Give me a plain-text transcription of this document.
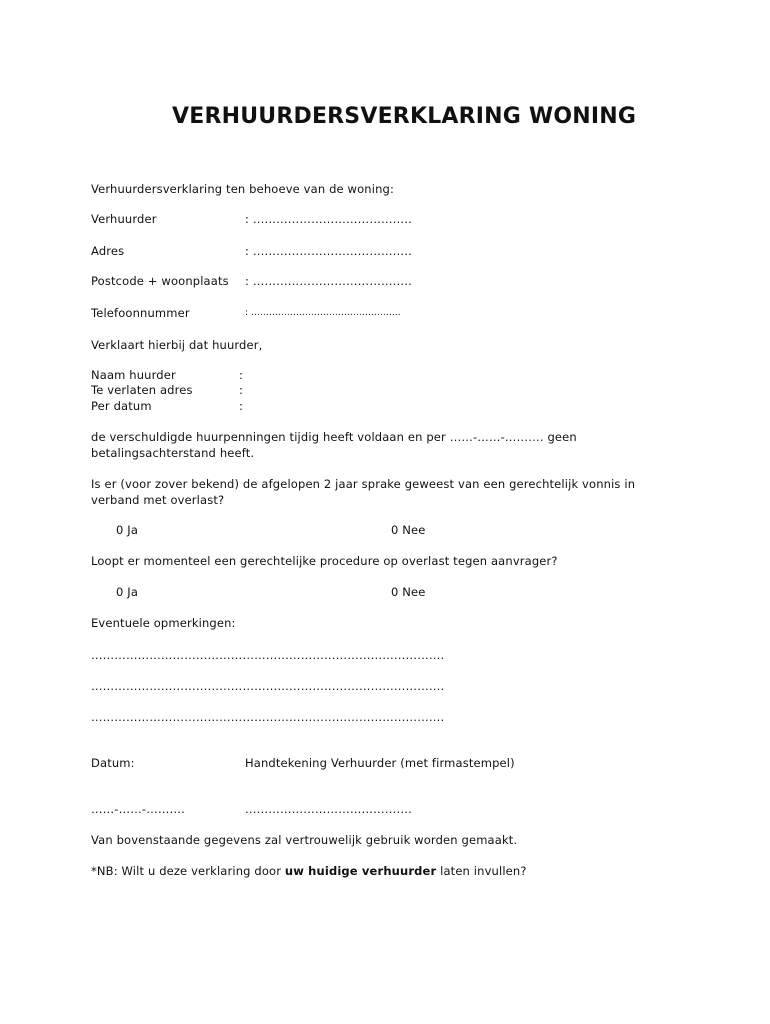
VERHUURDERSVERKLARING WONING
Verhuurdersverklaring ten behoeve van de woning:
Verhuurder	: …………………………………..
Adres	: …………………………………..
Postcode + woonplaats : …………………………………..
Telefoonnummer	: …………………………………………..
Verklaart hierbij dat huurder,
Naam huurder	:
Te verlaten adres	:
Per datum	:
de verschuldigde huurpenningen tijdig heeft voldaan en per ……-……-………. geen betalingsachterstand heeft.
Is er (voor zover bekend) de afgelopen 2 jaar sprake geweest van een gerechtelijk vonnis in verband met overlast?
0 Ja	0 Nee
Loopt er momenteel een gerechtelijke procedure op overlast tegen aanvrager?
0 Ja	0 Nee
Eventuele opmerkingen:
……………………………………………………………………………….
……………………………………………………………………………….
……………………………………………………………………………….
Datum:	Handtekening Verhuurder (met firmastempel)
……-……-……….	…………………………………….
Van bovenstaande gegevens zal vertrouwelijk gebruik worden gemaakt.
*NB: Wilt u deze verklaring door uw huidige verhuurder laten invullen?
